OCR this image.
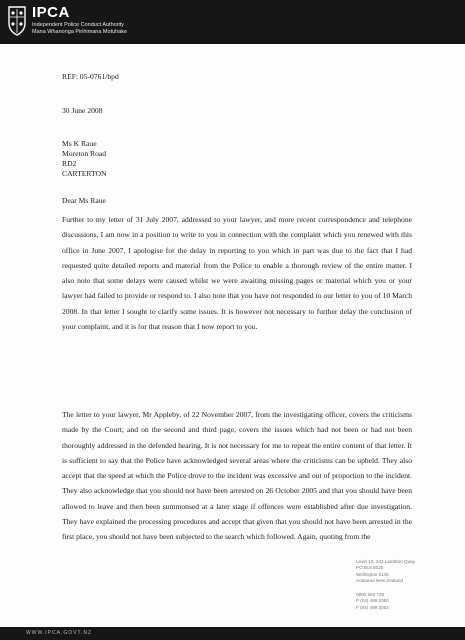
IPCA
Independent Police Conduct Authority
Mana Whanonga Pirihimana Motuhake
REF: 05-0761/bpd
30 June 2008
Ms K Raue
Moreton Road
RD2
CARTERTON
Dear Ms Raue
Further to my letter of 31 July 2007, addressed to your lawyer, and more recent correspondence and telephone discussions, I am now in a position to write to you in connection with the complaint which you renewed with this office in June 2007. I apologise for the delay in reporting to you which in part was due to the fact that I had requested quite detailed reports and material from the Police to enable a thorough review of the entire matter. I also note that some delays were caused whilst we were awaiting missing pages or material which you or your lawyer had failed to provide or respond to. I also note that you have not responded to our letter to you of 10 March 2008. In that letter I sought to clarify some issues. It is however not necessary to further delay the conclusion of your complaint, and it is for that reason that I now report to you.
The letter to your lawyer, Mr Appleby, of 22 November 2007, from the investigating officer, covers the criticisms made by the Court; and on the second and third page, covers the issues which had not been or had not been thoroughly addressed in the defended hearing. It is not necessary for me to repeat the entire content of that letter. It is sufficient to say that the Police have acknowledged several areas where the criticisms can be upheld. They also accept that the speed at which the Police drove to the incident was excessive and out of proportion to the incident. They also acknowledge that you should not have been arrested on 26 October 2005 and that you should have been allowed to leave and then been summonsed at a later stage if offences were established after due investigation. They have explained the processing procedures and accept that given that you should not have been arrested in the first place, you should not have been subjected to the search which followed. Again, quoting from the
Level 10, 342 Lambton Quay
PO Box 5025
Wellington 6145
Aotearoa New Zealand
0800 503 728
P (04) 499 2050
F (04) 499 2053
WWW.IPCA.GOVT.NZ
